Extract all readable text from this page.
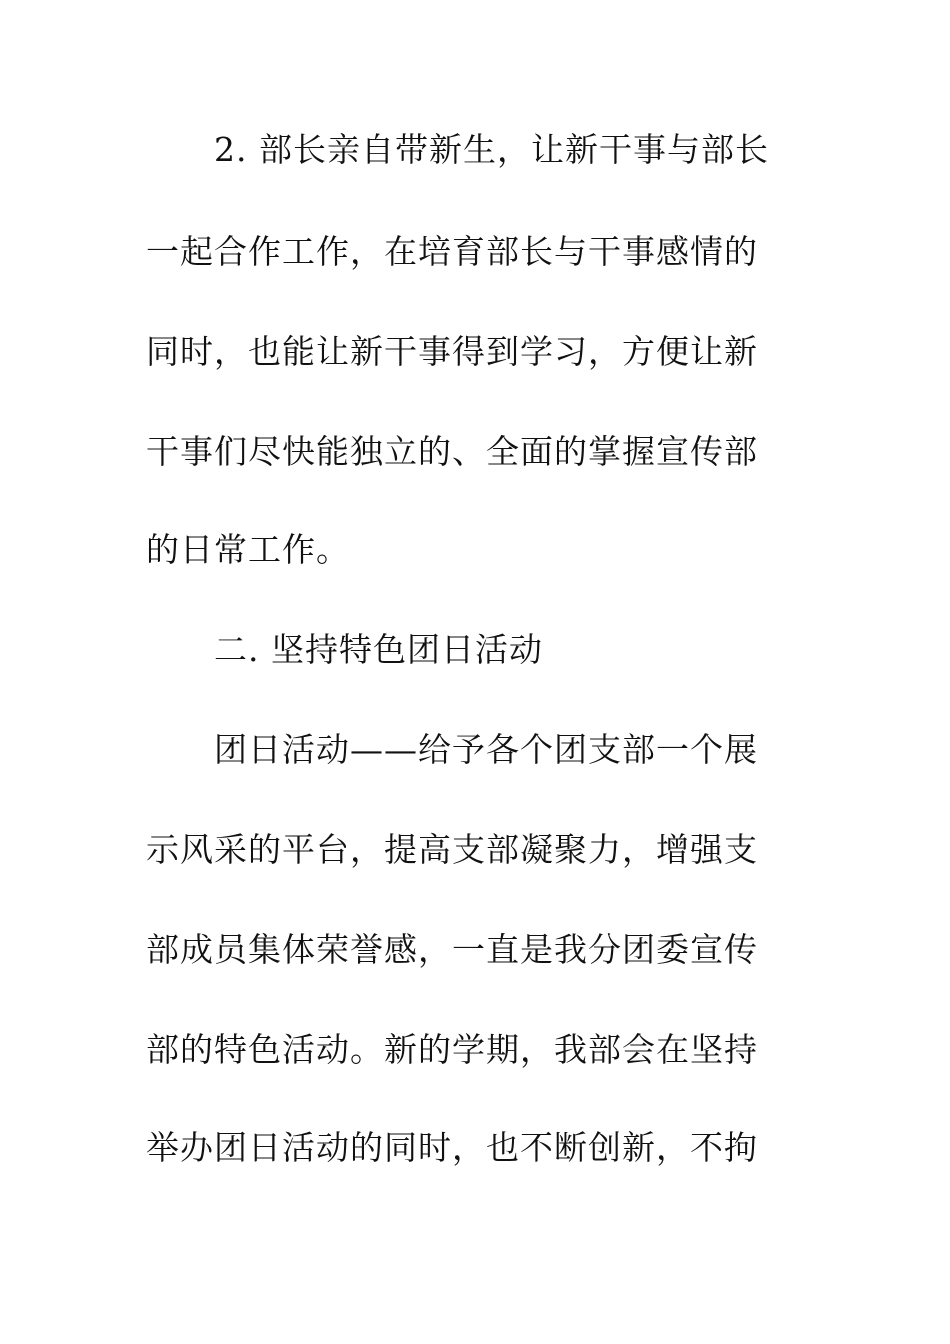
2. 部长亲自带新生，让新干事与部长

一起合作工作，在培育部长与干事感情的

同时，也能让新干事得到学习，方便让新

干事们尽快能独立的、全面的掌握宣传部

的日常工作。

二. 坚持特色团日活动

团日活动——给予各个团支部一个展

示风采的平台，提高支部凝聚力，增强支

部成员集体荣誉感，一直是我分团委宣传

部的特色活动。新的学期，我部会在坚持

举办团日活动的同时，也不断创新，不拘
